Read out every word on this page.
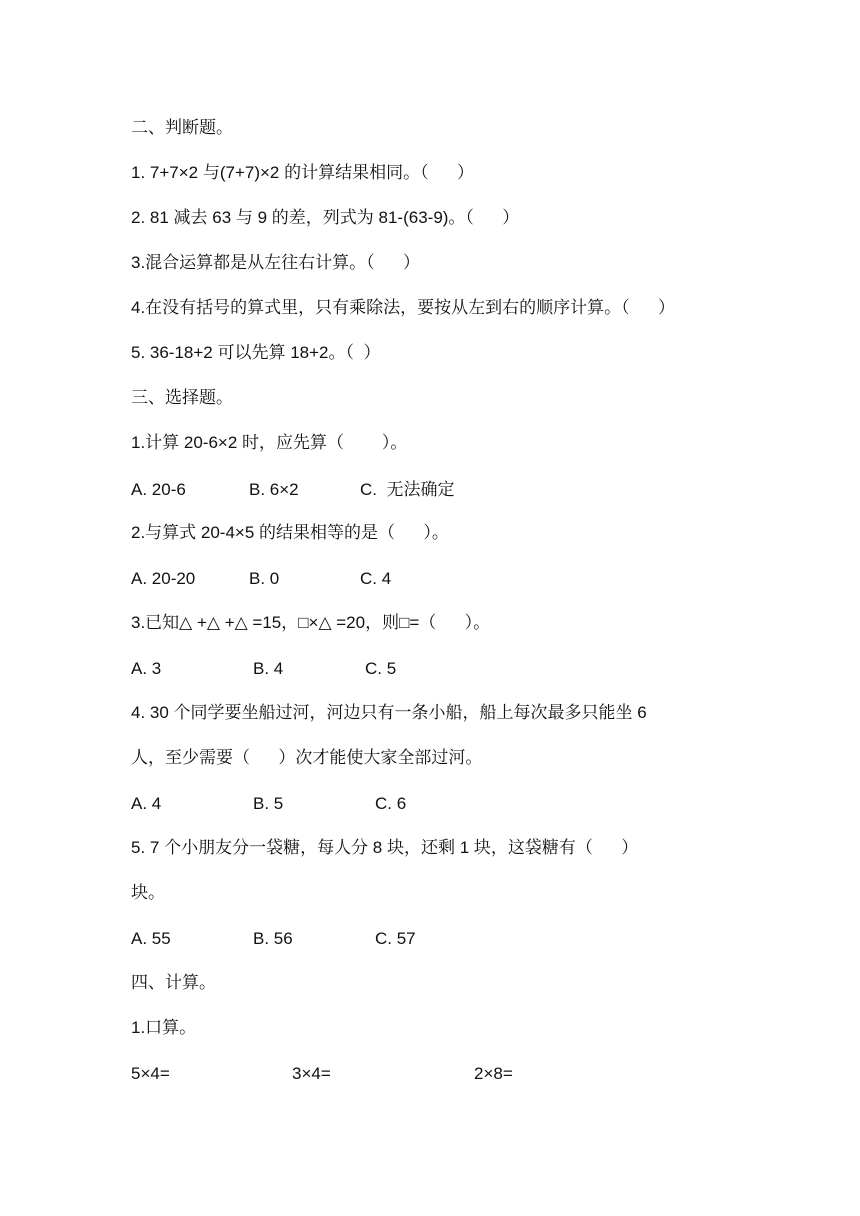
二、判断题。
1. 7+7×2 与(7+7)×2 的计算结果相同。（      ）
2. 81 减去 63 与 9 的差，列式为 81-(63-9)。（      ）
3.混合运算都是从左往右计算。（      ）
4.在没有括号的算式里，只有乘除法，要按从左到右的顺序计算。（      ）
5. 36-18+2 可以先算 18+2。（  ）
三、选择题。
1.计算 20-6×2 时，应先算（        ）。
A. 20-6	B. 6×2	C.  无法确定
2.与算式 20-4×5 的结果相等的是（      ）。
A. 20-20	B. 0	C. 4
3.已知△ +△ +△ =15，□×△ =20，则□=（      ）。
A. 3	B. 4	C. 5
4. 30 个同学要坐船过河，河边只有一条小船，船上每次最多只能坐 6
人，至少需要（      ）次才能使大家全部过河。
A. 4	B. 5	C. 6
5. 7 个小朋友分一袋糖，每人分 8 块，还剩 1 块，这袋糖有（      ）
块。
A. 55	B. 56	C. 57
四、计算。
1.口算。
5×4=	3×4=	2×8=
